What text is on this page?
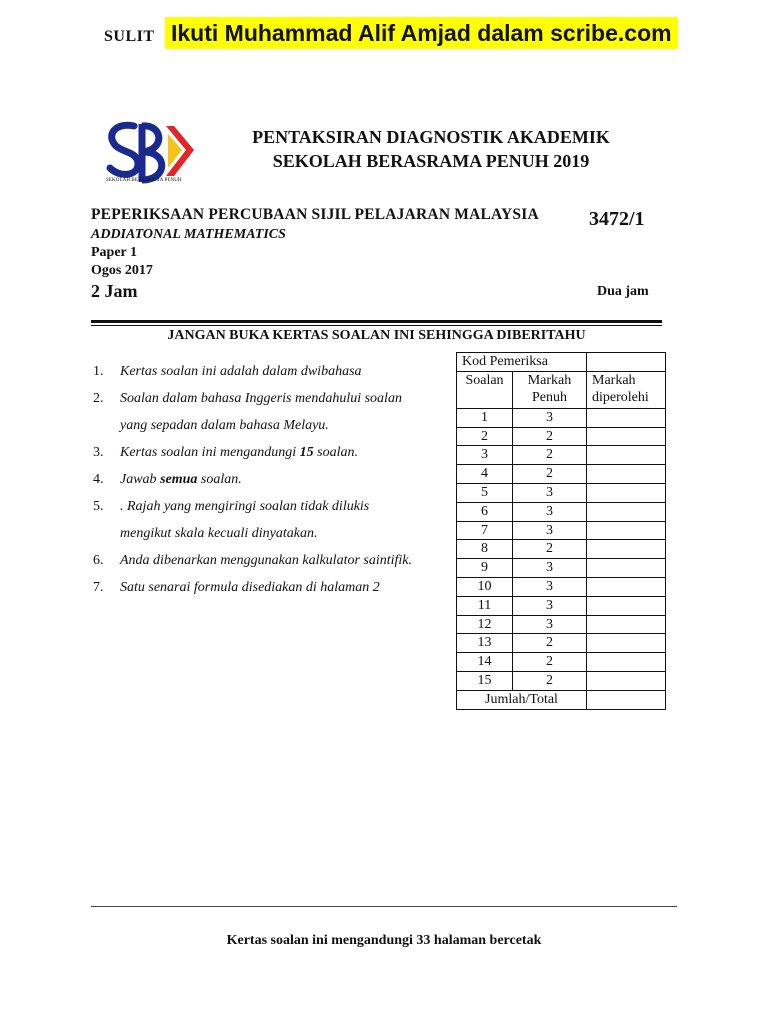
SULIT Ikuti Muhammad Alif Amjad dalam scribe.com
SEKOLAH BERASRAMA PENUH
PENTAKSIRAN DIAGNOSTIK AKADEMIK
SEKOLAH BERASRAMA PENUH 2019
PEPERIKSAAN PERCUBAAN SIJIL PELAJARAN MALAYSIA	3472/1
ADDIATONAL MATHEMATICS
Paper 1
Ogos 2017
2 Jam	Dua jam
JANGAN BUKA KERTAS SOALAN INI SEHINGGA DIBERITAHU
1. Kertas soalan ini adalah dalam dwibahasa
2. Soalan dalam bahasa Inggeris mendahului soalan
yang sepadan dalam bahasa Melayu.
3. Kertas soalan ini mengandungi 15 soalan.
4. Jawab semua soalan.
5. . Rajah yang mengiringi soalan tidak dilukis
mengikut skala kecuali dinyatakan.
6. Anda dibenarkan menggunakan kalkulator saintifik.
7. Satu senarai formula disediakan di halaman 2
Kod Pemeriksa		
Soalan	Markah Penuh	Markah diperolehi
1	3	
2	2	
3	2	
4	2	
5	3	
6	3	
7	3	
8	2	
9	3	
10	3	
11	3	
12	3	
13	2	
14	2	
15	2	
Jumlah/Total		
Kertas soalan ini mengandungi 33 halaman bercetak
